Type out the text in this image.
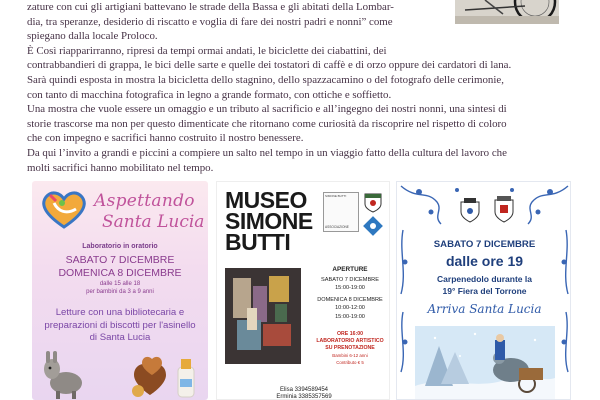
zature con cui gli artigiani battevano le strade della Bassa e gli abitati della Lombar-

dia, tra speranze, desiderio di riscatto e voglia di fare dei nostri padri e nonni” come

spiegano dalla locale Proloco.

È Così riapparirranno, ripresi da tempi ormai andati, le biciclette dei ciabattini, dei

contrabbandieri di grappa, le bici delle sarte e quelle dei tostatori di caffè e di orzo oppure dei cardatori di lana.

Sarà quindi esposta in mostra la bicicletta dello stagnino, dello spazzacamino o del fotografo delle cerimonie,

con tanto di macchina fotografica in legno a grande formato, con ottiche e soffietto.

Una mostra che vuole essere un omaggio e un tributo al sacrificio e all’ingegno dei nostri nonni, una sintesi di

storie trascorse ma non per questo dimenticate che ritornano come curiosità da riscoprire nel rispetto di coloro

che con impegno e sacrifici hanno costruito il nostro benessere.

Da qui l’invito a grandi e piccini a compiere un salto nel tempo in un viaggio fatto della cultura del lavoro che

molti sacrifici hanno mobilitato nel tempo.

Aspettando
Santa Lucia
Laboratorio in oratorio
SABATO 7 DICEMBRE
DOMENICA 8 DICEMBRE
dalle 15 alle 18
per bambini da 3 a 9 anni
Letture con una bibliotecaria e preparazioni di biscotti per l'asinello di Santa Lucia
MUSEO
SIMONE
BUTTI
SIMONE BUTTI
ASSOCIAZIONE
APERTURE
SABATO 7 DICEMBRE
15:00-19:00
DOMENICA 8 DICEMBRE
10:00-12:00
15:00-19:00
ORE 16:00
LABORATORIO ARTISTICO
SU PRENOTAZIONE
Bambini 6-12 anni
Contributo € 5
Elisa 3394589454
Erminia 3385357569
SABATO 7 DICEMBRE
dalle ore 19
Carpenedolo durante la
19° Fiera del Torrone
Arriva Santa Lucia
